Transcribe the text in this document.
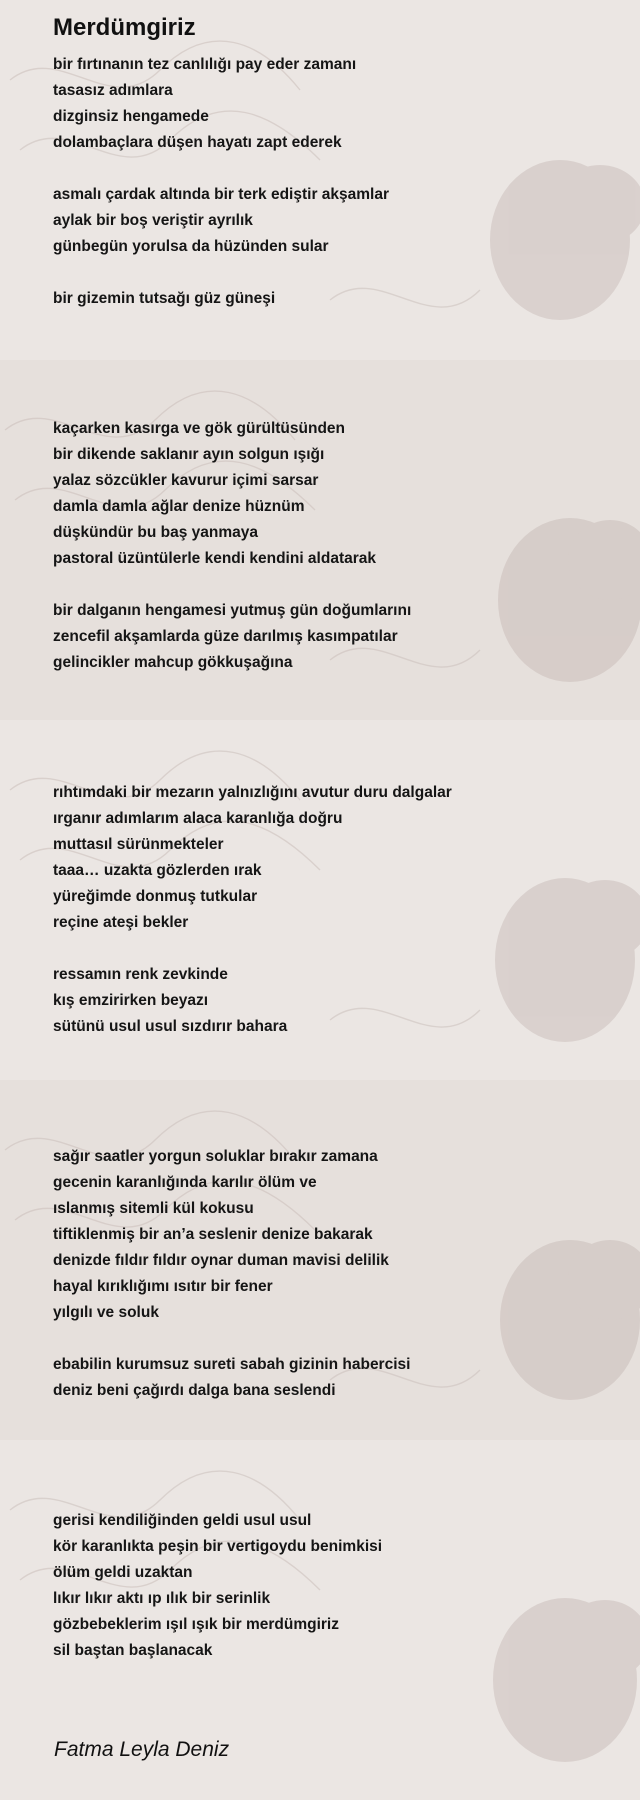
Merdümgiriz
bir fırtınanın tez canlılığı pay eder zamanı
tasasız adımlara
dizginsiz hengamede
dolambaçlara düşen hayatı zapt ederek
asmalı çardak altında bir terk ediştir akşamlar
aylak bir boş veriştir ayrılık
günbegün yorulsa da hüzünden sular
bir gizemin tutsağı güz güneşi
kaçarken kasırga ve gök gürültüsünden
bir dikende saklanır ayın solgun ışığı
yalaz sözcükler kavurur içimi sarsar
damla damla ağlar denize hüznüm
düşkündür bu baş yanmaya
pastoral üzüntülerle kendi kendini aldatarak
bir dalganın hengamesi yutmuş gün doğumlarını
zencefil akşamlarda güze darılmış kasımpatılar
gelincikler mahcup gökkuşağına
rıhtımdaki bir mezarın yalnızlığını avutur duru dalgalar
ırganır adımlarım alaca karanlığa doğru
muttasıl sürünmekteler
taaa… uzakta gözlerden ırak
yüreğimde donmuş tutkular
reçine ateşi bekler
ressamın renk zevkinde
kış emzirirken beyazı
sütünü usul usul sızdırır bahara
sağır saatler yorgun soluklar bırakır zamana
gecenin karanlığında karılır ölüm ve
ıslanmış sitemli kül kokusu
tiftiklenmiş bir an’a seslenir denize bakarak
denizde fıldır fıldır oynar duman mavisi delilik
hayal kırıklığımı ısıtır bir fener
yılgılı ve soluk
ebabilin kurumsuz sureti sabah gizinin habercisi
deniz beni çağırdı dalga bana seslendi
gerisi kendiliğinden geldi usul usul
kör karanlıkta peşin bir vertigoydu benimkisi
ölüm geldi uzaktan
lıkır lıkır aktı ıp ılık bir serinlik
gözbebeklerim ışıl ışık bir merdümgiriz
sil baştan başlanacak

Fatma Leyla Deniz
